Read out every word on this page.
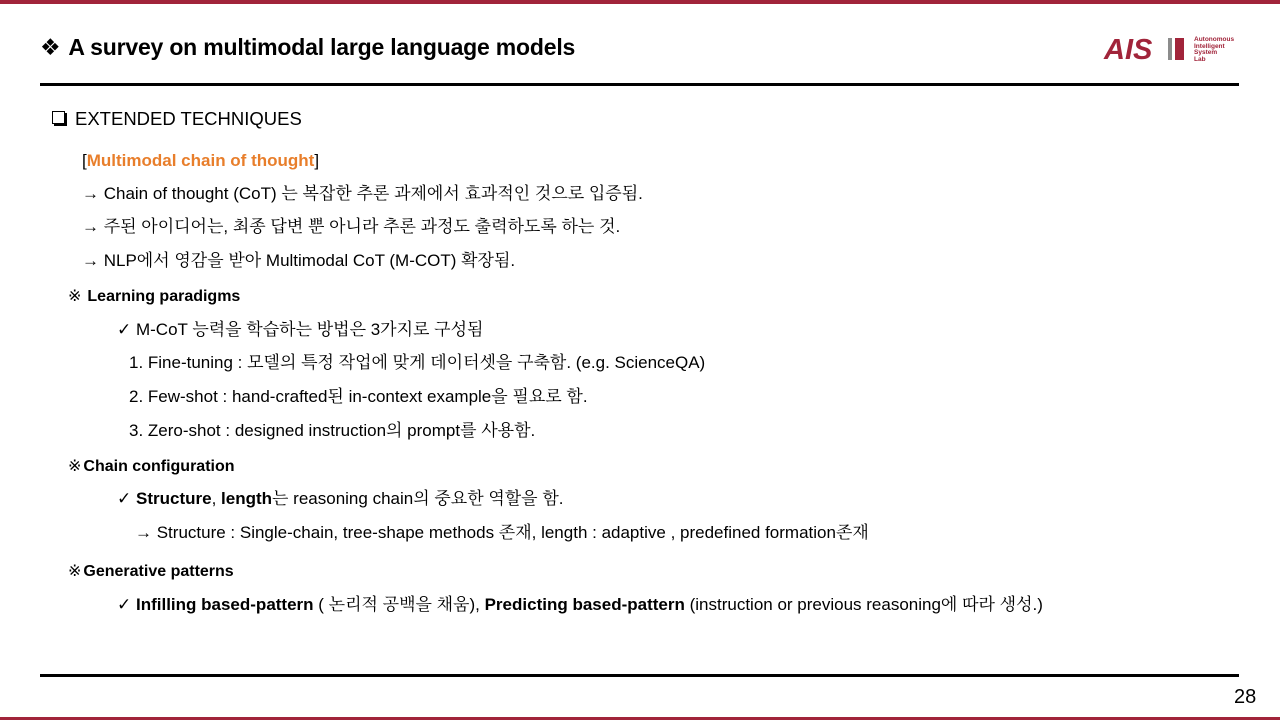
❖ A survey on multimodal large language models	AIS	Autonomous
Intelligent
System
Lab
EXTENDED TECHNIQUES
[Multimodal chain of thought]
→ Chain of thought (CoT) 는 복잡한 추론 과제에서 효과적인 것으로 입증됨.
→ 주된 아이디어는, 최종 답변 뿐 아니라 추론 과정도 출력하도록 하는 것.
→ NLP에서 영감을 받아 Multimodal CoT (M-COT) 확장됨.
※ Learning paradigms
✓ M-CoT 능력을 학습하는 방법은 3가지로 구성됨
1. Fine-tuning : 모델의 특정 작업에 맞게 데이터셋을 구축함. (e.g. ScienceQA)
2. Few-shot : hand-crafted된 in-context example을 필요로 함.
3. Zero-shot : designed instruction의 prompt를 사용함.
※ Chain configuration
✓ Structure, length는 reasoning chain의 중요한 역할을 함.
→ Structure : Single-chain, tree-shape methods 존재, length : adaptive , predefined formation존재
※ Generative patterns
✓ Infilling based-pattern ( 논리적 공백을 채움), Predicting based-pattern (instruction or previous reasoning에 따라 생성.)
28
